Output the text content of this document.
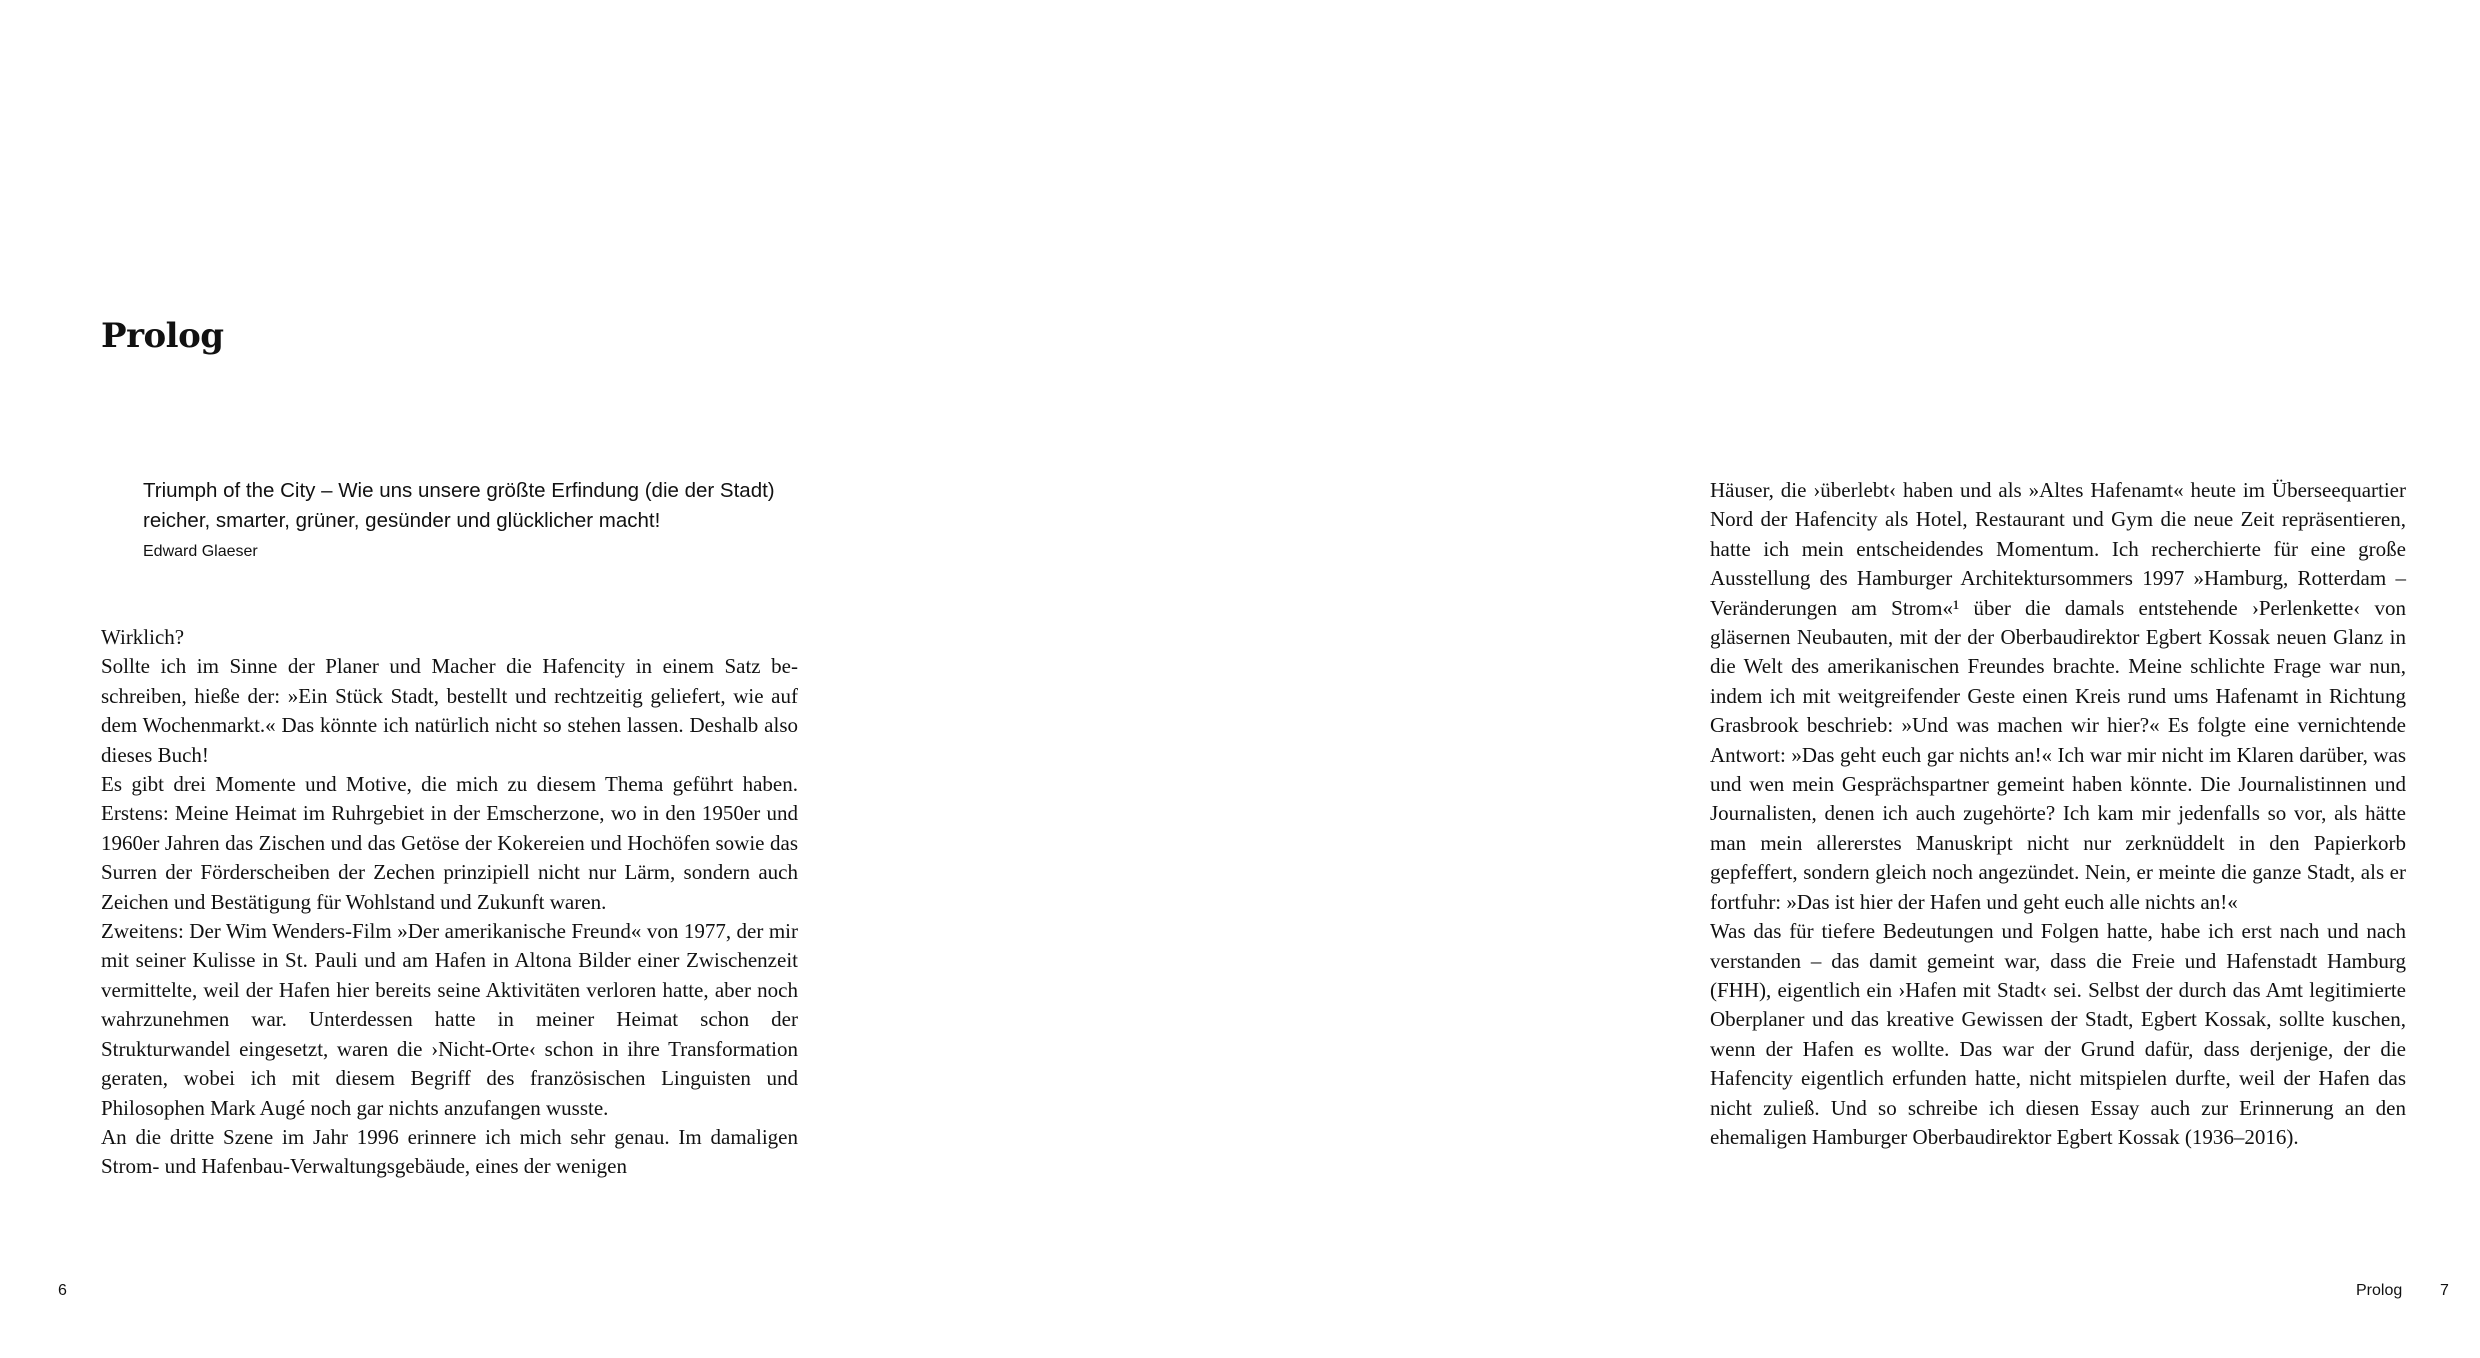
Prolog

Triumph of the City – Wie uns unsere größte Erfindung (die der Stadt) reicher, smarter, grüner, gesünder und glücklicher macht!

Edward Glaeser

Wirklich?

Sollte ich im Sinne der Planer und Macher die Hafencity in einem Satz beschreiben, hieße der: »Ein Stück Stadt, bestellt und rechtzeitig geliefert, wie auf dem Wochenmarkt.« Das könnte ich natürlich nicht so stehen lassen. Deshalb also dieses Buch!

Es gibt drei Momente und Motive, die mich zu diesem Thema geführt haben. Erstens: Meine Heimat im Ruhrgebiet in der Emscherzone, wo in den 1950er und 1960er Jahren das Zischen und das Getöse der Kokereien und Hochöfen sowie das Surren der Förderscheiben der Zechen prinzipiell nicht nur Lärm, sondern auch Zeichen und Bestätigung für Wohlstand und Zukunft waren.

Zweitens: Der Wim Wenders-Film »Der amerikanische Freund« von 1977, der mir mit seiner Kulisse in St. Pauli und am Hafen in Altona Bilder einer Zwischenzeit vermittelte, weil der Hafen hier bereits seine Aktivitäten verloren hatte, aber noch wahrzunehmen war. Unterdessen hatte in meiner Heimat schon der Strukturwandel eingesetzt, waren die ›Nicht-Orte‹ schon in ihre Transformation geraten, wobei ich mit diesem Begriff des französischen Linguisten und Philosophen Mark Augé noch gar nichts anzufangen wusste.

An die dritte Szene im Jahr 1996 erinnere ich mich sehr genau. Im damaligen Strom- und Hafenbau-Verwaltungsgebäude, eines der wenigen

6

Häuser, die ›überlebt‹ haben und als »Altes Hafenamt« heute im Überseequartier Nord der Hafencity als Hotel, Restaurant und Gym die neue Zeit repräsentieren, hatte ich mein entscheidendes Momentum. Ich recherchierte für eine große Ausstellung des Hamburger Architektursommers 1997 »Hamburg, Rotterdam – Veränderungen am Strom«¹ über die damals entstehende ›Perlenkette‹ von gläsernen Neubauten, mit der der Oberbaudirektor Egbert Kossak neuen Glanz in die Welt des amerikanischen Freundes brachte. Meine schlichte Frage war nun, indem ich mit weitgreifender Geste einen Kreis rund ums Hafenamt in Richtung Grasbrook beschrieb: »Und was machen wir hier?« Es folgte eine vernichtende Antwort: »Das geht euch gar nichts an!« Ich war mir nicht im Klaren darüber, was und wen mein Gesprächspartner gemeint haben könnte. Die Journalistinnen und Journalisten, denen ich auch zugehörte? Ich kam mir jedenfalls so vor, als hätte man mein allererstes Manuskript nicht nur zerknüddelt in den Papierkorb gepfeffert, sondern gleich noch angezündet. Nein, er meinte die ganze Stadt, als er fortfuhr: »Das ist hier der Hafen und geht euch alle nichts an!«

Was das für tiefere Bedeutungen und Folgen hatte, habe ich erst nach und nach verstanden – das damit gemeint war, dass die Freie und Hafenstadt Hamburg (FHH), eigentlich ein ›Hafen mit Stadt‹ sei. Selbst der durch das Amt legitimierte Oberplaner und das kreative Gewissen der Stadt, Egbert Kossak, sollte kuschen, wenn der Hafen es wollte. Das war der Grund dafür, dass derjenige, der die Hafencity eigentlich erfunden hatte, nicht mitspielen durfte, weil der Hafen das nicht zuließ. Und so schreibe ich diesen Essay auch zur Erinnerung an den ehemaligen Hamburger Oberbaudirektor Egbert Kossak (1936–2016).

Prolog 7
